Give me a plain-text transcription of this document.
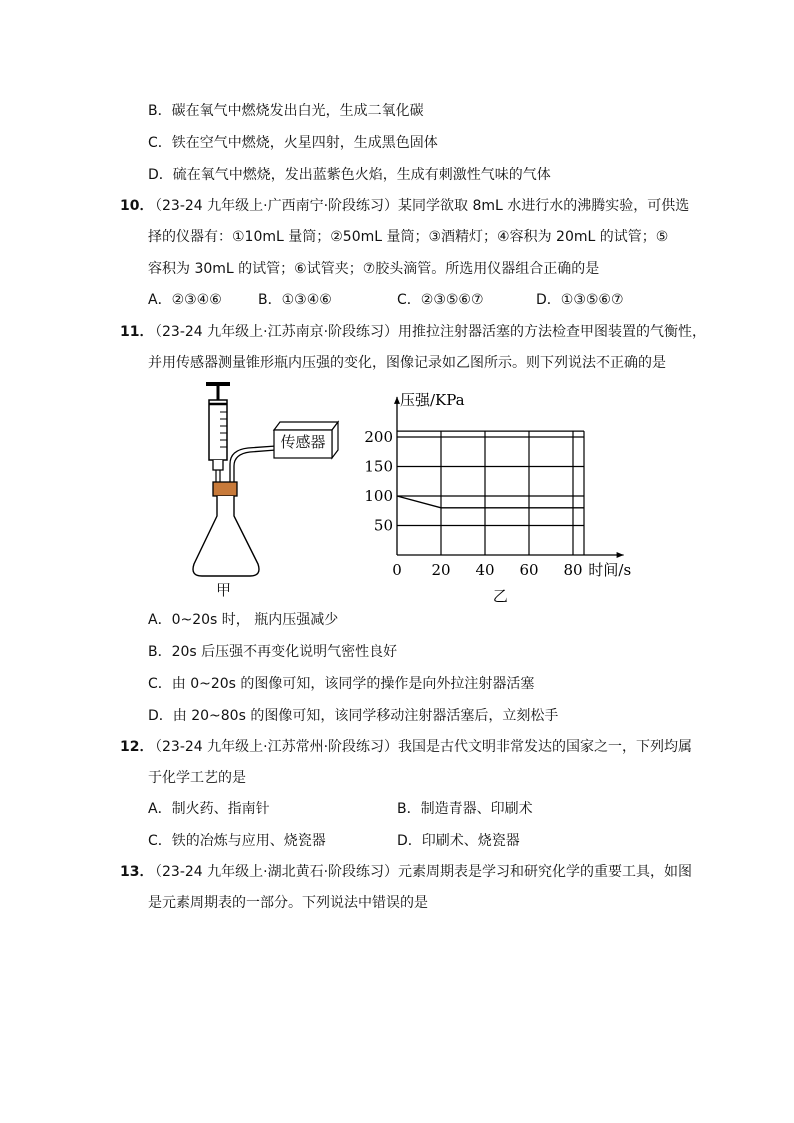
B．碳在氧气中燃烧发出白光，生成二氧化碳
C．铁在空气中燃烧，火星四射，生成黑色固体
D．硫在氧气中燃烧，发出蓝紫色火焰，生成有刺激性气味的气体
10．
（23-24 九年级上·广西南宁·阶段练习）某同学欲取 8mL 水进行水的沸腾实验，可供选
择的仪器有：①10mL 量筒；②50mL 量筒；③酒精灯；④容积为 20mL 的试管；⑤
容积为 30mL 的试管；⑥试管夹；⑦胶头滴管。所选用仪器组合正确的是
A．②③④⑥	B．①③④⑥	C．②③⑤⑥⑦	D．①③⑤⑥⑦
11．
（23-24 九年级上·江苏南京·阶段练习）用推拉注射器活塞的方法检查甲图装置的气衡性，
并用传感器测量锥形瓶内压强的变化，图像记录如乙图所示。则下列说法不正确的是
传感器
甲
0 20 40 60 80
50
100
150
200
压强/KPa
时间/s
乙
A．0~20s 时， 瓶内压强减少
B．20s 后压强不再变化说明气密性良好
C．由 0~20s 的图像可知，该同学的操作是向外拉注射器活塞
D．由 20~80s 的图像可知，该同学移动注射器活塞后，立刻松手
12．
（23-24 九年级上·江苏常州·阶段练习）我国是古代文明非常发达的国家之一，下列均属
于化学工艺的是
A．制火药、指南针	B．制造青器、印刷术
C．铁的冶炼与应用、烧瓷器	D．印刷术、烧瓷器
13．
（23-24 九年级上·湖北黄石·阶段练习）元素周期表是学习和研究化学的重要工具，如图
是元素周期表的一部分。下列说法中错误的是
